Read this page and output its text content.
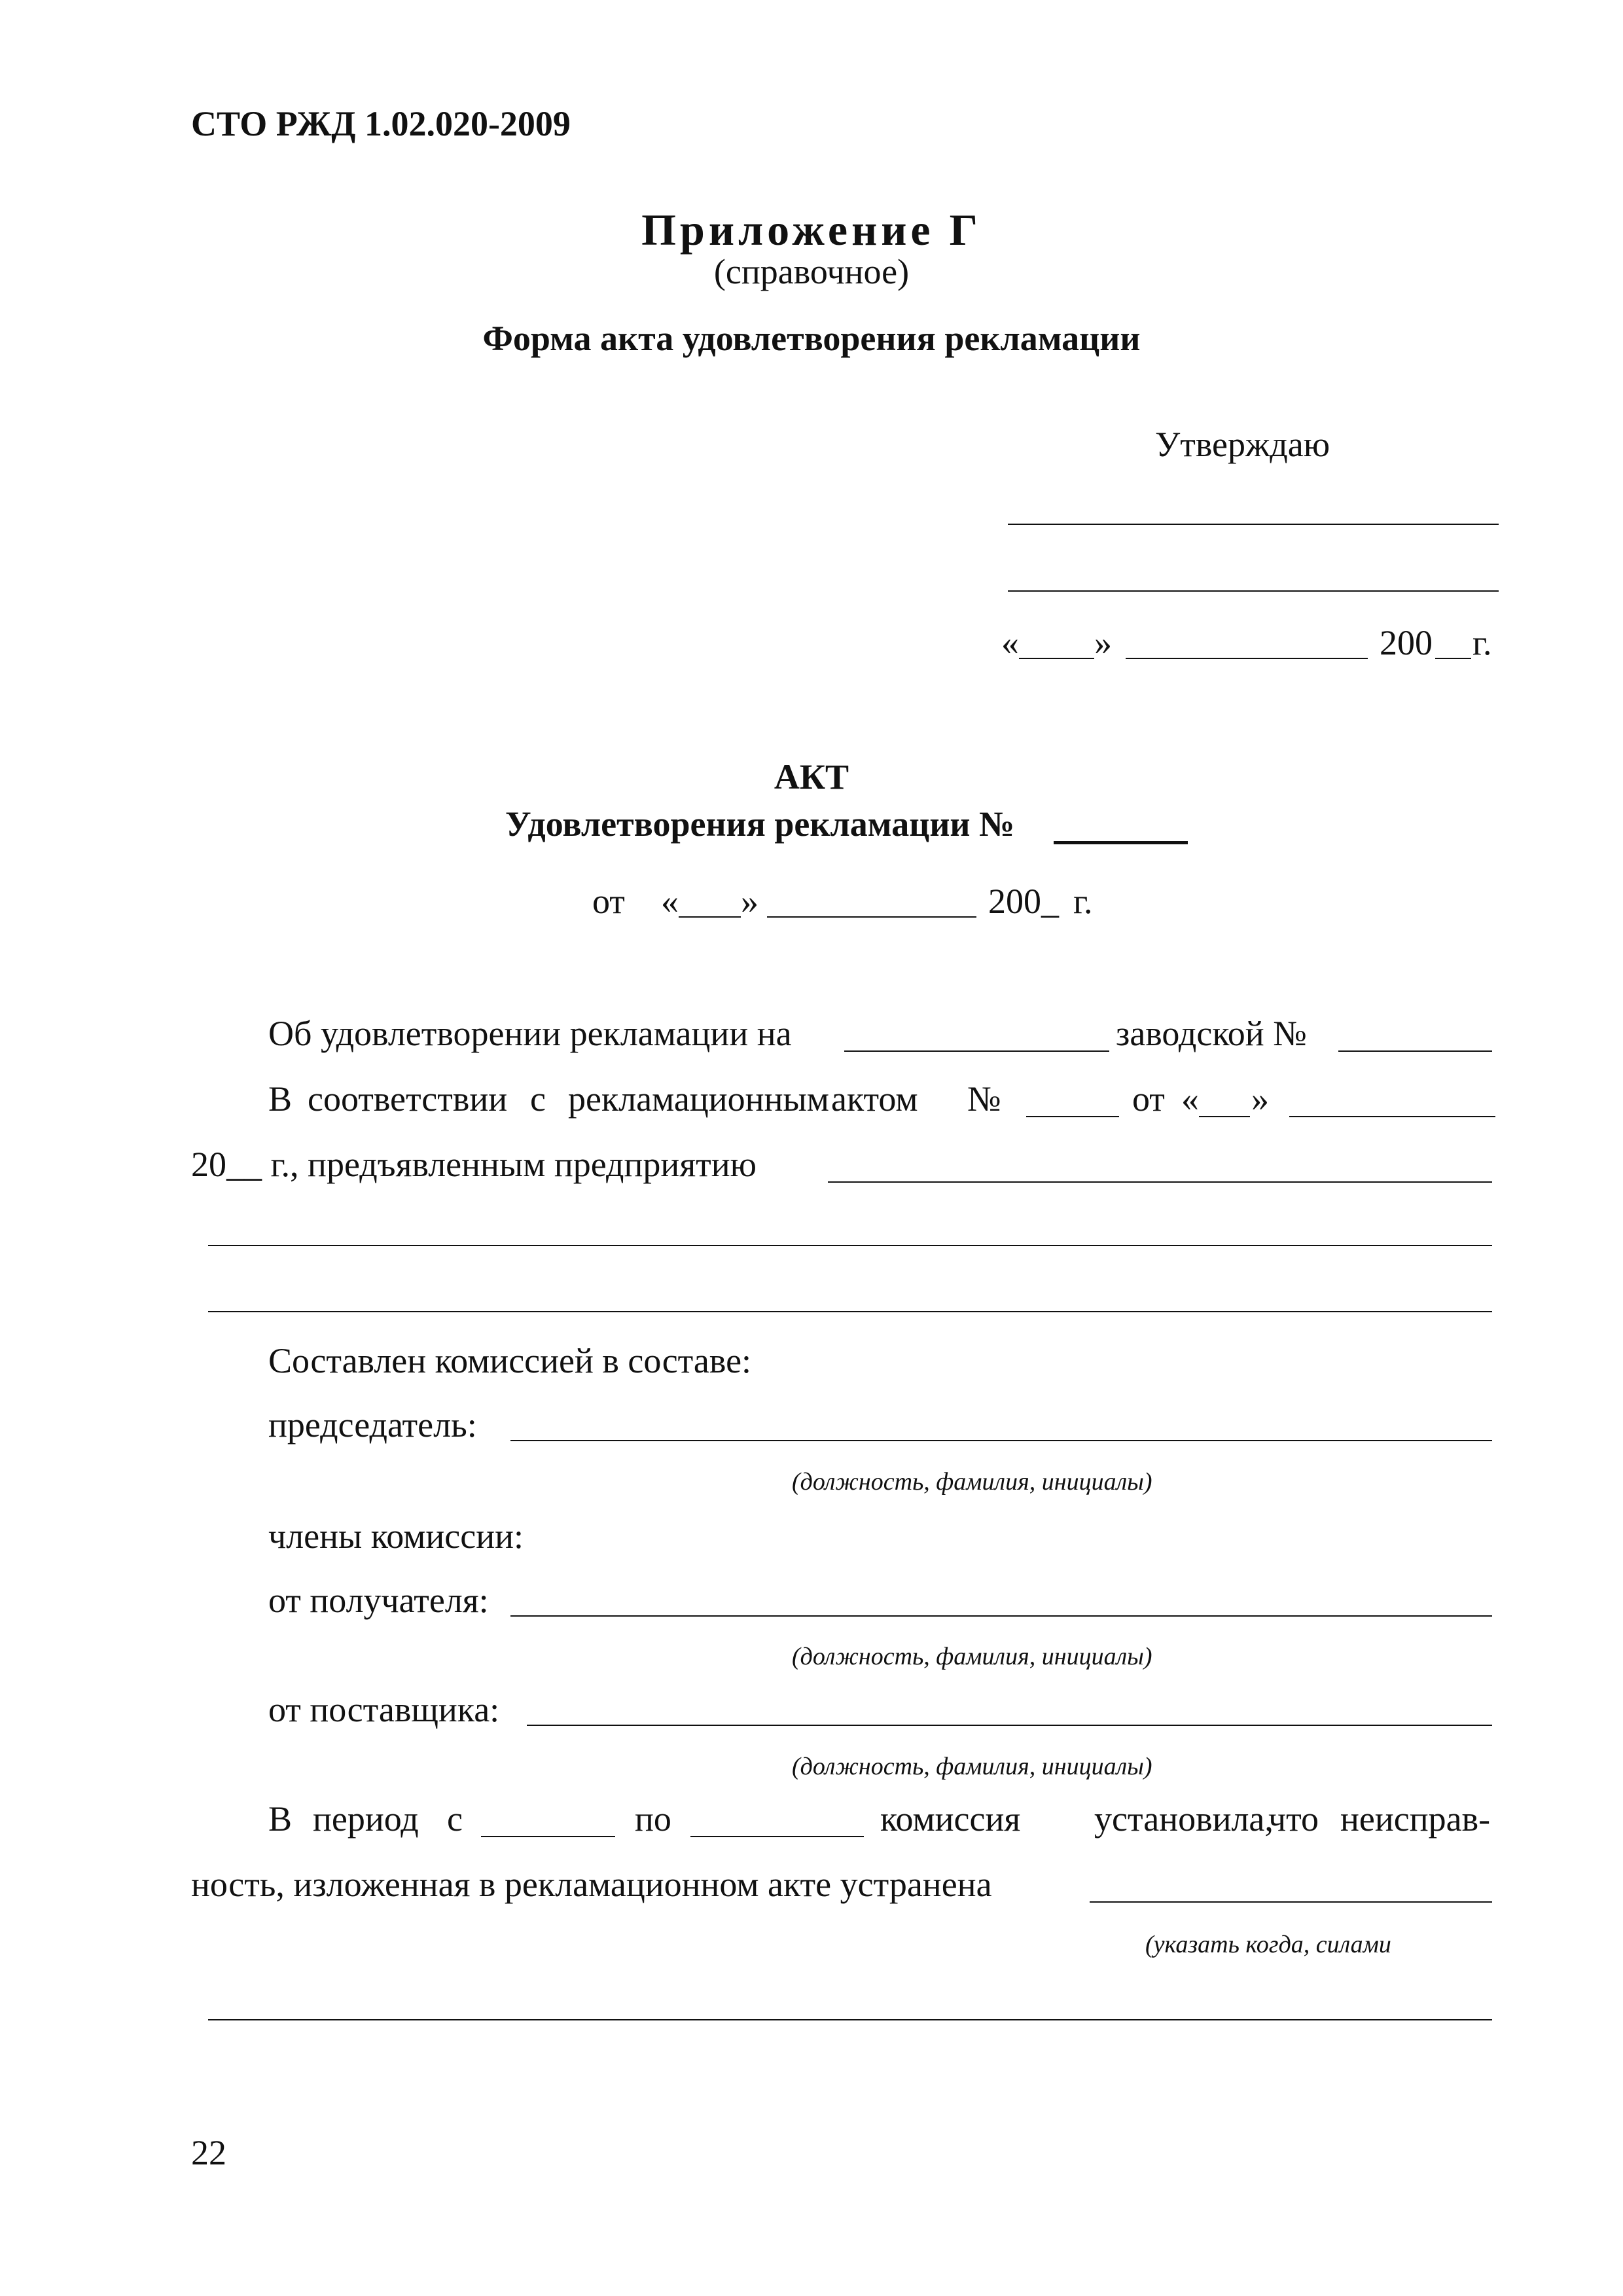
СТО РЖД 1.02.020-2009
Приложение Г
(справочное)
Форма акта удовлетворения рекламации
Утверждаю
« »	200 г.
АКТ
Удовлетворения рекламации №
от « »	200_ г.
Об удовлетворении рекламации на	заводской №
В соответствии с рекламационным актом №	от « »
20__ г., предъявленным предприятию
Составлен комиссией в составе:
председатель:
(должность, фамилия, инициалы)
члены комиссии:
от получателя:
(должность, фамилия, инициалы)
от поставщика:
(должность, фамилия, инициалы)
В период с	по	комиссия установила,
что неисправ-
ность, изложенная в рекламационном акте устранена
(указать когда, силами
22
